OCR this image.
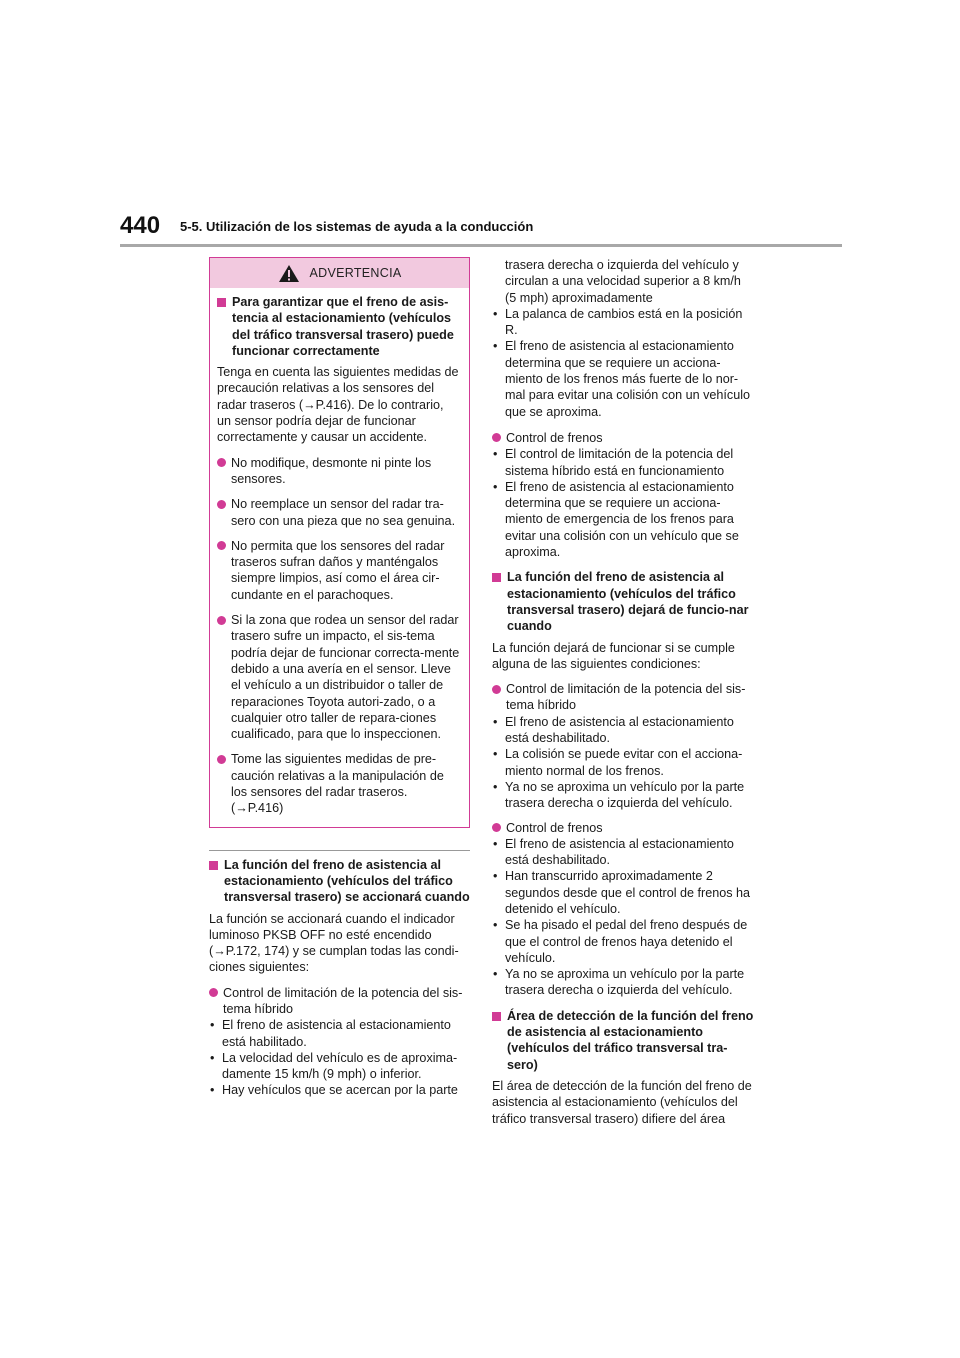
440 5-5. Utilización de los sistemas de ayuda a la conducción
ADVERTENCIA
Para garantizar que el freno de asis-tencia al estacionamiento (vehículos del tráfico transversal trasero) puede funcionar correctamente
Tenga en cuenta las siguientes medidas de precaución relativas a los sensores del radar traseros (→P.416). De lo contrario, un sensor podría dejar de funcionar correctamente y causar un accidente.
No modifique, desmonte ni pinte los sensores.
No reemplace un sensor del radar tra-sero con una pieza que no sea genuina.
No permita que los sensores del radar traseros sufran daños y manténgalos siempre limpios, así como el área cir-cundante en el parachoques.
Si la zona que rodea un sensor del radar trasero sufre un impacto, el sis-tema podría dejar de funcionar correcta-mente debido a una avería en el sensor. Lleve el vehículo a un distribuidor o taller de reparaciones Toyota autori-zado, o a cualquier otro taller de repara-ciones cualificado, para que lo inspeccionen.
Tome las siguientes medidas de pre-caución relativas a la manipulación de los sensores del radar traseros. (→P.416)
La función del freno de asistencia al estacionamiento (vehículos del tráfico transversal trasero) se accionará cuando
La función se accionará cuando el indicador luminoso PKSB OFF no esté encendido (→P.172, 174) y se cumplan todas las condi-ciones siguientes:
Control de limitación de la potencia del sis-tema híbrido
• El freno de asistencia al estacionamiento está habilitado.
• La velocidad del vehículo es de aproxima-damente 15 km/h (9 mph) o inferior.
• Hay vehículos que se acercan por la parte
trasera derecha o izquierda del vehículo y circulan a una velocidad superior a 8 km/h (5 mph) aproximadamente
• La palanca de cambios está en la posición R.
• El freno de asistencia al estacionamiento determina que se requiere un acciona-miento de los frenos más fuerte de lo nor-mal para evitar una colisión con un vehículo que se aproxima.
Control de frenos
• El control de limitación de la potencia del sistema híbrido está en funcionamiento
• El freno de asistencia al estacionamiento determina que se requiere un acciona-miento de emergencia de los frenos para evitar una colisión con un vehículo que se aproxima.
La función del freno de asistencia al estacionamiento (vehículos del tráfico transversal trasero) dejará de funcio-nar cuando
La función dejará de funcionar si se cumple alguna de las siguientes condiciones:
Control de limitación de la potencia del sis-tema híbrido
• El freno de asistencia al estacionamiento está deshabilitado.
• La colisión se puede evitar con el acciona-miento normal de los frenos.
• Ya no se aproxima un vehículo por la parte trasera derecha o izquierda del vehículo.
Control de frenos
• El freno de asistencia al estacionamiento está deshabilitado.
• Han transcurrido aproximadamente 2 segundos desde que el control de frenos ha detenido el vehículo.
• Se ha pisado el pedal del freno después de que el control de frenos haya detenido el vehículo.
• Ya no se aproxima un vehículo por la parte trasera derecha o izquierda del vehículo.
Área de detección de la función del freno de asistencia al estacionamiento (vehículos del tráfico transversal tra-sero)
El área de detección de la función del freno de asistencia al estacionamiento (vehículos del tráfico transversal trasero) difiere del área
